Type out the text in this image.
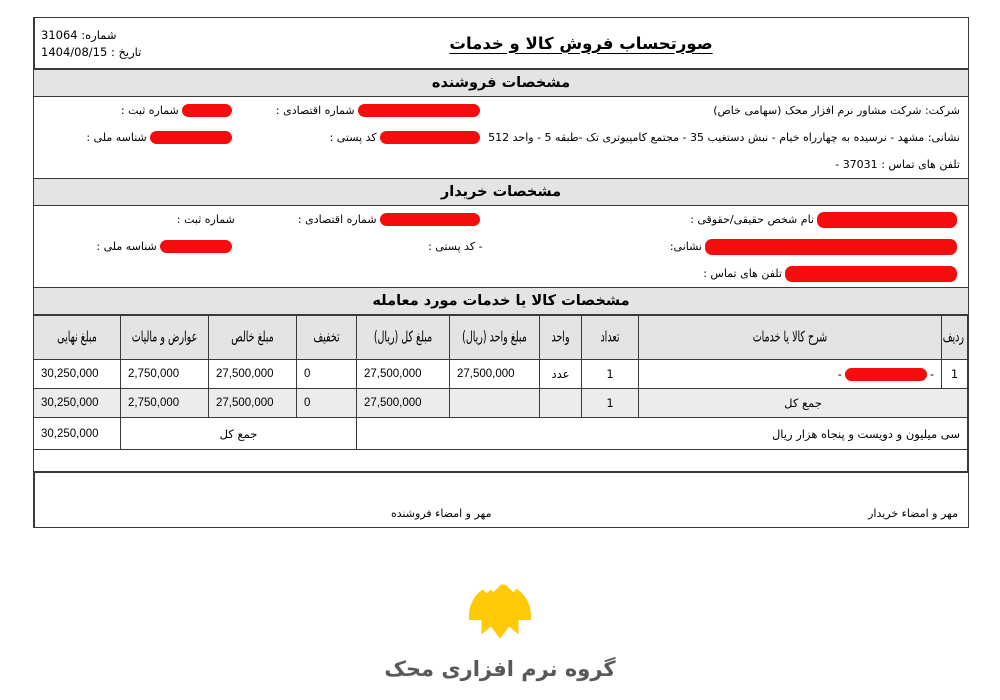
شماره: 31064
تاریخ : 1404/08/15	صورتحساب فروش کالا و خدمات
مشخصات فروشنده
شرکت:

شرکت مشاور نرم افزار محک (سهامی خاص)
شماره اقتصادی :
شماره ثبت :
نشانی:

مشهد - نرسیده به چهارراه خیام - نبش دستغیب 35 - مجتمع کامپیوتری تک -طبقه 5 - واحد 512
کد پستی :
شناسه ملی :
تلفن های تماس : 37031 -
مشخصات خریدار
نام شخص حقیقی/حقوقی :
شماره اقتصادی :
شماره ثبت :
نشانی:
-

کد پستی :
شناسه ملی :
تلفن های تماس :
مشخصات کالا یا خدمات مورد معامله
ردیف	شرح کالا یا خدمات	تعداد	واحد	مبلغ واحد (ریال)	مبلغ کل (ریال)	تخفیف	مبلغ خالص	عوارض و مالیات	مبلغ نهایی
1	--	1	عدد	27,500,000	27,500,000	0	27,500,000	2,750,000	30,250,000
جمع کل		1			27,500,000	0	27,500,000	2,750,000	30,250,000
سی میلیون و دویست و پنجاه هزار ریال						جمع کل			30,250,000

مهر و امضاء فروشنده	مهر و امضاء خریدار
گروه نرم افزاری محک
